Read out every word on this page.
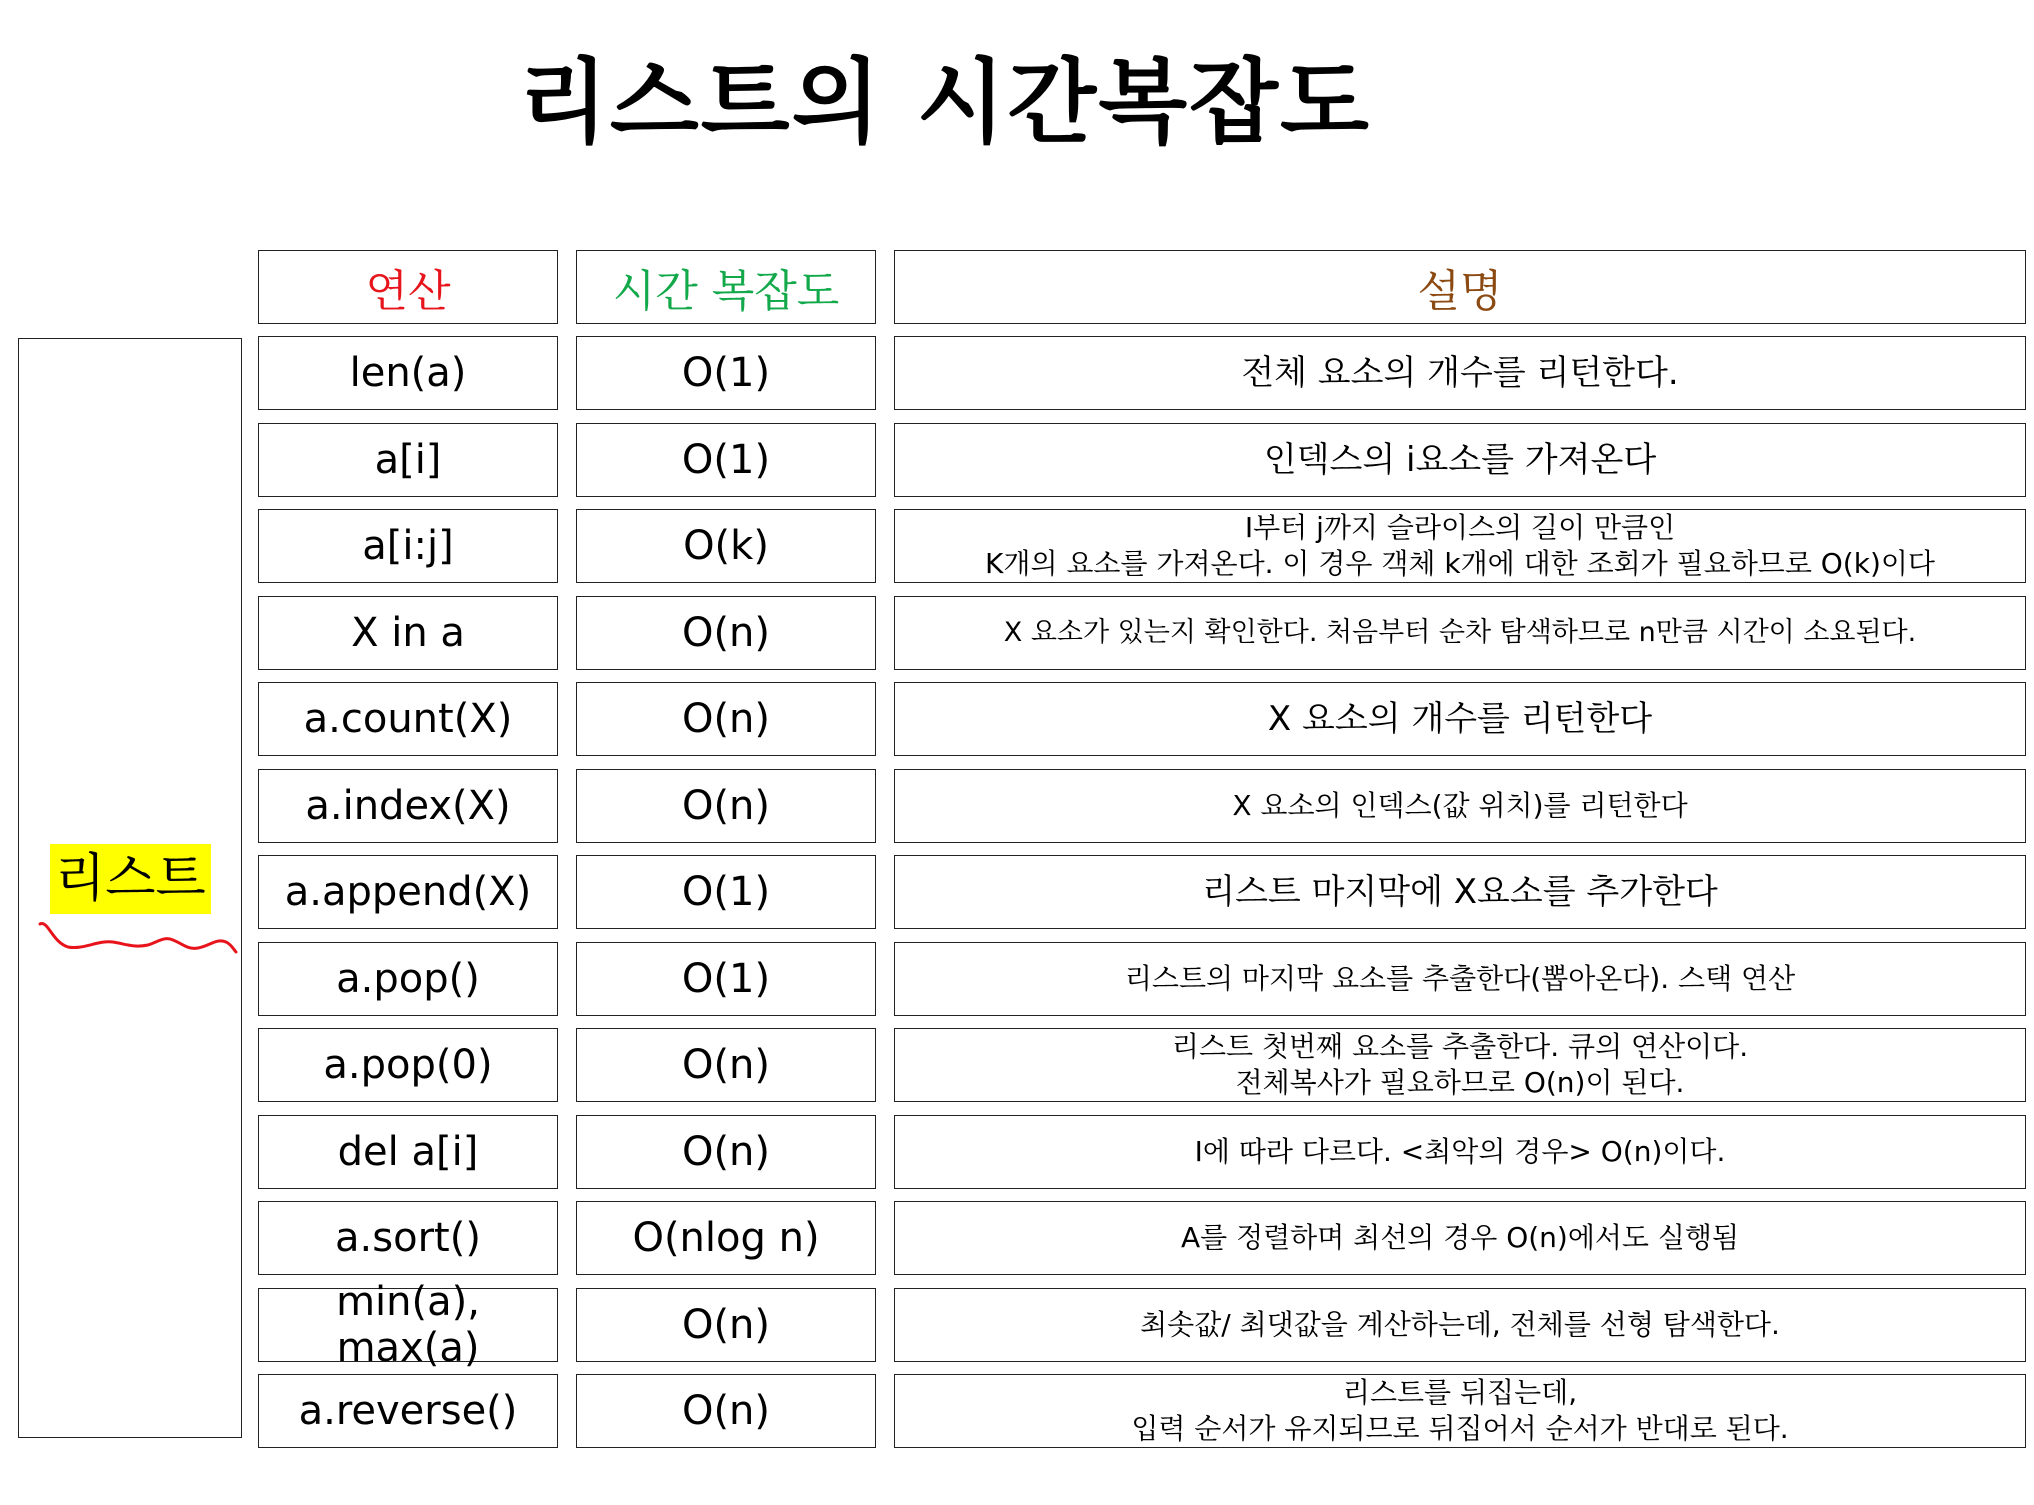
리스트의 시간복잡도
리스트
연산	시간 복잡도	설명
len(a)	O(1)	전체 요소의 개수를 리턴한다.
a[i]	O(1)	인덱스의 i요소를 가져온다
a[i:j]	O(k)	I부터 j까지 슬라이스의 길이 만큼인
K개의 요소를 가져온다. 이 경우 객체 k개에 대한 조회가 필요하므로 O(k)이다
X in a	O(n)	X 요소가 있는지 확인한다. 처음부터 순차 탐색하므로 n만큼 시간이 소요된다.
a.count(X)	O(n)	X 요소의 개수를 리턴한다
a.index(X)	O(n)	X 요소의 인덱스(값 위치)를 리턴한다
a.append(X)	O(1)	리스트 마지막에 X요소를 추가한다
a.pop()	O(1)	리스트의 마지막 요소를 추출한다(뽑아온다). 스택 연산
a.pop(0)	O(n)	리스트 첫번째 요소를 추출한다. 큐의 연산이다.
전체복사가 필요하므로 O(n)이 된다.
del a[i]	O(n)	I에 따라 다르다. <최악의 경우> O(n)이다.
a.sort()	O(nlog n)	A를 정렬하며 최선의 경우 O(n)에서도 실행됨
min(a), max(a)	O(n)	최솟값/ 최댓값을 계산하는데, 전체를 선형 탐색한다.
a.reverse()	O(n)	리스트를 뒤집는데,
입력 순서가 유지되므로 뒤집어서 순서가 반대로 된다.
